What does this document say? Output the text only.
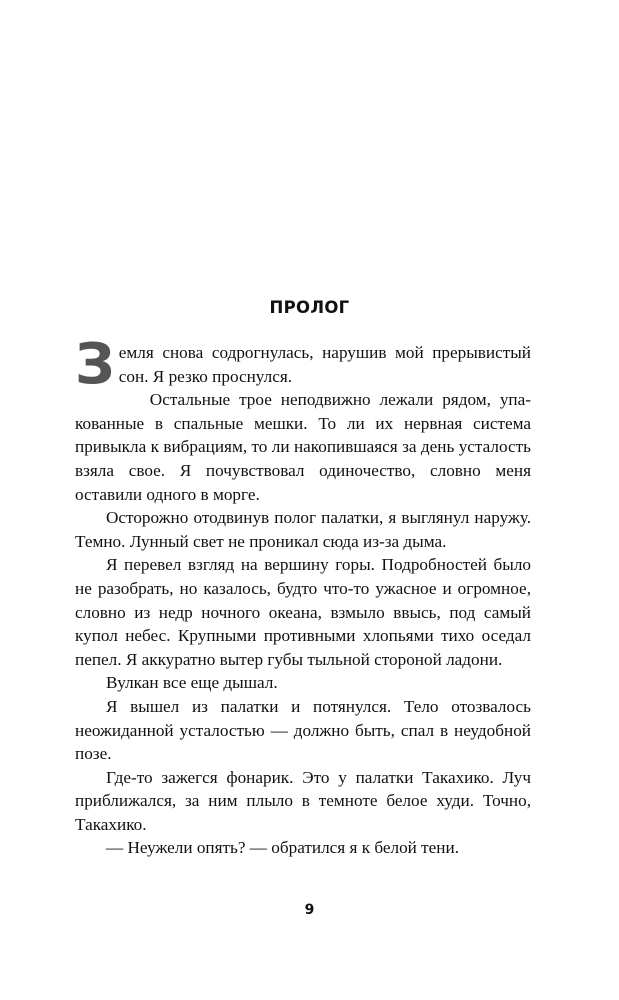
ПРОЛОГ

Земля снова содрогнулась, нарушив мой прерывистый сон. Я резко проснулся.

Остальные трое неподвижно лежали рядом, упакованные в спальные мешки. То ли их нервная система привыкла к вибрациям, то ли накопившаяся за день усталость взяла свое. Я почувствовал одиночество, словно меня оставили одного в морге.

Осторожно отодвинув полог палатки, я выглянул наружу. Темно. Лунный свет не проникал сюда из-за дыма.

Я перевел взгляд на вершину горы. Подробностей было не разобрать, но казалось, будто что-то ужасное и огромное, словно из недр ночного океана, взмыло ввысь, под самый купол небес. Крупными противными хлопьями тихо оседал пепел. Я аккуратно вытер губы тыльной стороной ладони.

Вулкан все еще дышал.

Я вышел из палатки и потянулся. Тело отозвалось неожиданной усталостью — должно быть, спал в неудобной позе.

Где-то зажегся фонарик. Это у палатки Такахико. Луч приближался, за ним плыло в темноте белое худи. Точно, Такахико.

— Неужели опять? — обратился я к белой тени.

9
